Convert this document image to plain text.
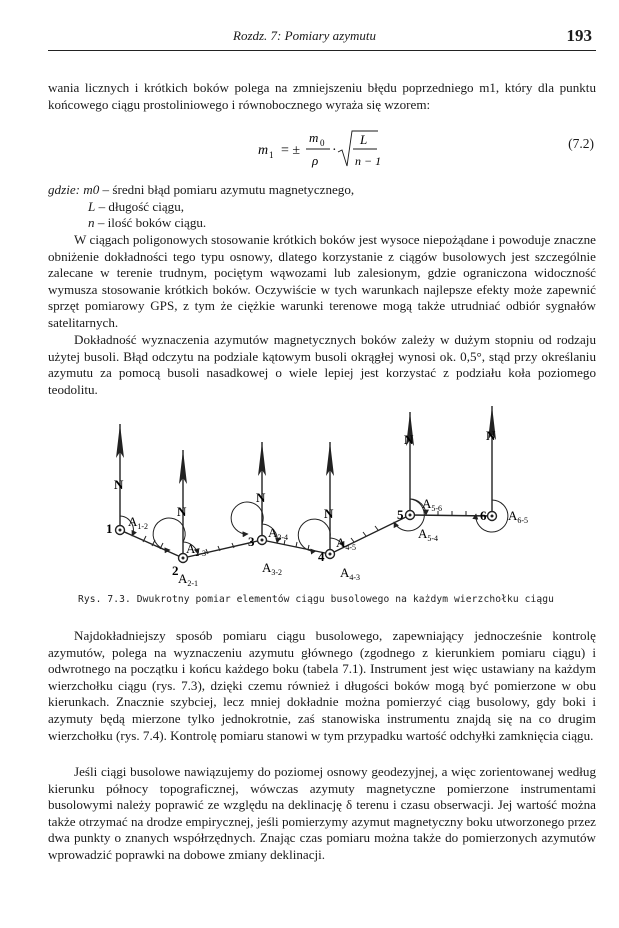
Rozdz. 7: Pomiary azymutu	193

wania licznych i krótkich boków polega na zmniejszeniu błędu poprzedniego m1, który dla punktu końcowego ciągu prostoliniowego i równobocznego wyraża się wzorem:

m 1 = ±
m 0
ρ
·
L
n − 1
(7.2)
gdzie: m0 – średni błąd pomiaru azymutu magnetycznego,
L – długość ciągu,
n – ilość boków ciągu.

W ciągach poligonowych stosowanie krótkich boków jest wysoce niepożądane i powoduje znaczne obniżenie dokładności tego typu osnowy, dlatego korzystanie z ciągów busolowych jest szczególnie zalecane w terenie trudnym, pociętym wąwozami lub zalesionym, gdzie ograniczona widoczność wymusza stosowanie krótkich boków. Oczywiście w tych warunkach najlepsze efekty może zapewnić sprzęt pomiarowy GPS, z tym że ciężkie warunki terenowe mogą także utrudniać odbiór sygnałów satelitarnych.

Dokładność wyznaczenia azymutów magnetycznych boków zależy w dużym stopniu od rodzaju użytej busoli. Błąd odczytu na podziale kątowym busoli okrągłej wynosi ok. 0,5°, stąd przy określaniu azymutu za pomocą busoli nasadkowej o wiele lepiej jest korzystać z podziału koła poziomego teodolitu.

N
N
N
N
N	N
1
2
3
4
5	6
$A_{1-2}$
$A_{2-3}$
$A_{2-1}$
$A_{3-4}$
$A_{3-2}$
$A_{4-5}$
$A_{4-3}$
$A_{5-6}$
$A_{5-4}$
$A_{6-5}$
Rys. 7.3. Dwukrotny pomiar elementów ciągu busolowego na każdym wierzchołku ciągu

Najdokładniejszy sposób pomiaru ciągu busolowego, zapewniający jednocześnie kontrolę azymutów, polega na wyznaczeniu azymutu głównego (zgodnego z kierunkiem pomiaru ciągu) i odwrotnego na początku i końcu każdego boku (tabela 7.1). Instrument jest więc ustawiany na każdym wierzchołku ciągu (rys. 7.3), dzięki czemu również i długości boków mogą być pomierzone w obu kierunkach. Znacznie szybciej, lecz mniej dokładnie można pomierzyć ciąg busolowy, gdy boki i azymuty będą mierzone tylko jednokrotnie, zaś stanowiska instrumentu znajdą się na co drugim wierzchołku (rys. 7.4). Kontrolę pomiaru stanowi w tym przypadku wartość odchyłki zamknięcia ciągu.

Jeśli ciągi busolowe nawiązujemy do poziomej osnowy geodezyjnej, a więc zorientowanej według kierunku północy topograficznej, wówczas azymuty magnetyczne pomierzone instrumentami busolowymi należy poprawić ze względu na deklinację δ terenu i czasu obserwacji. Jej wartość można także otrzymać na drodze empirycznej, jeśli pomierzymy azymut magnetyczny boku utworzonego przez dwa punkty o znanych współrzędnych. Znając czas pomiaru można także do pomierzonych azymutów wprowadzić poprawki na dobowe zmiany deklinacji.
